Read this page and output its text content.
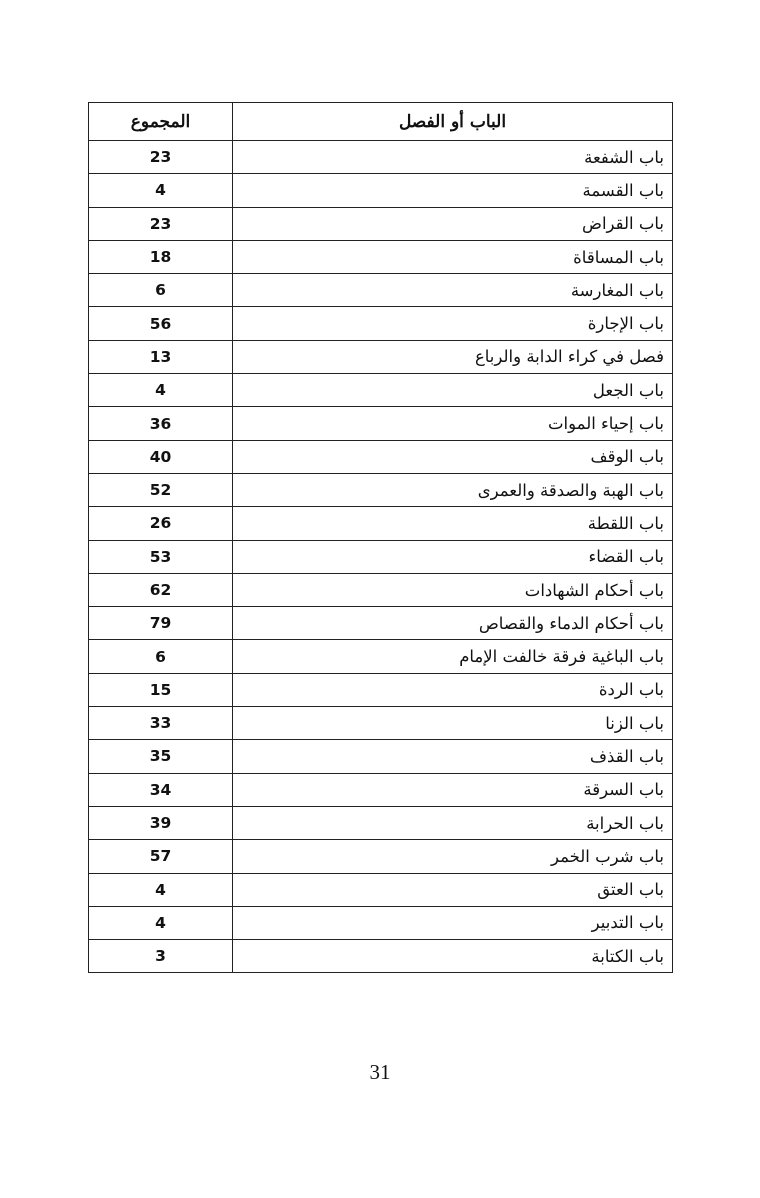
الباب أو الفصل	المجموع
باب الشفعة	23
باب القسمة	4
باب القراض	23
باب المساقاة	18
باب المغارسة	6
باب الإجارة	56
فصل في كراء الدابة والرباع	13
باب الجعل	4
باب إحياء الموات	36
باب الوقف	40
باب الهبة والصدقة والعمرى	52
باب اللقطة	26
باب القضاء	53
باب أحكام الشهادات	62
باب أحكام الدماء والقصاص	79
باب الباغية فرقة خالفت الإمام	6
باب الردة	15
باب الزنا	33
باب القذف	35
باب السرقة	34
باب الحرابة	39
باب شرب الخمر	57
باب العتق	4
باب التدبير	4
باب الكتابة	3
31
